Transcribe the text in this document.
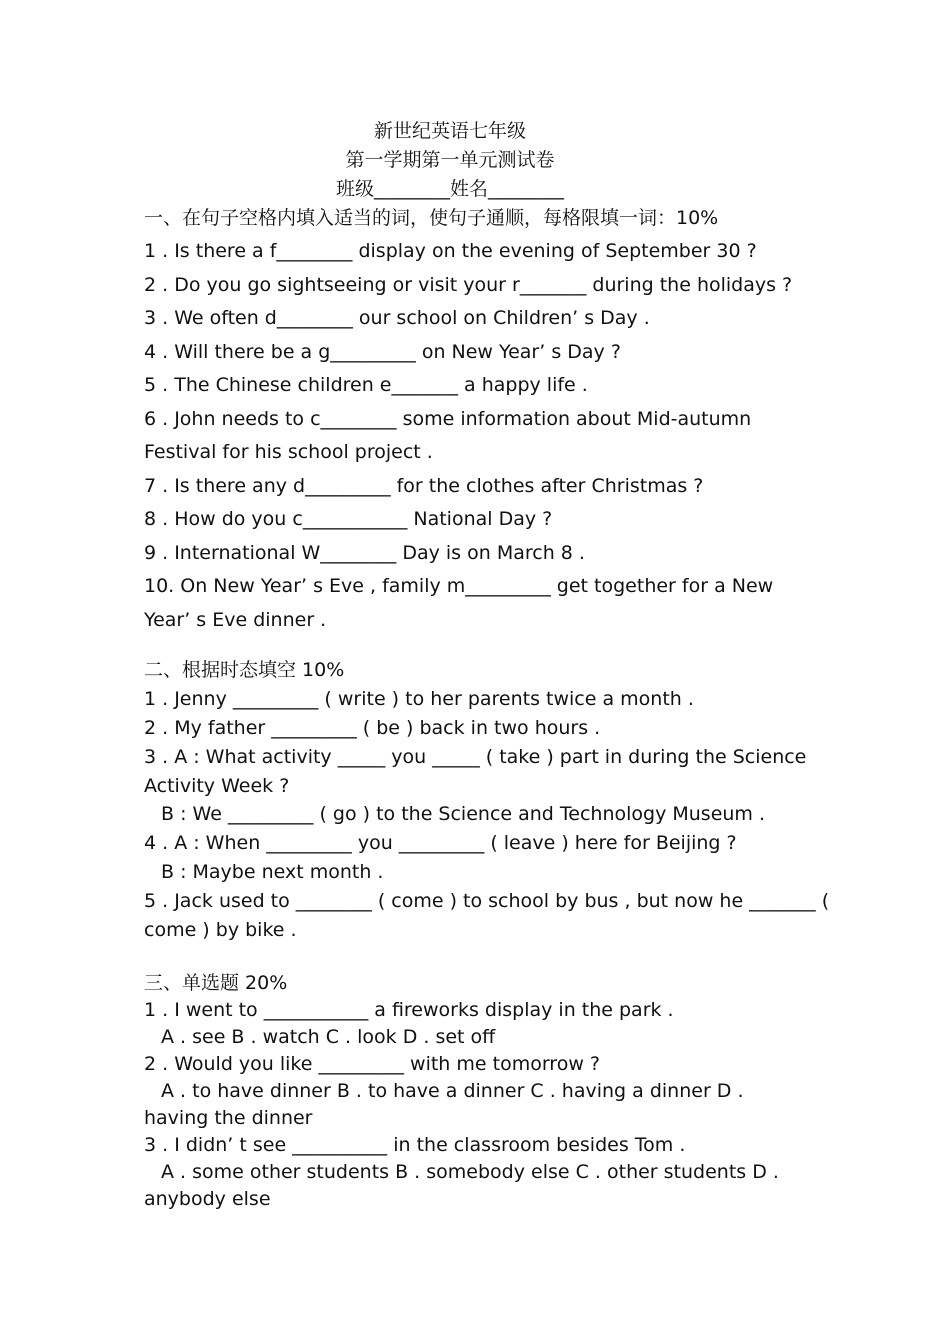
新世纪英语七年级
第一学期第一单元测试卷
班级________姓名________
一、在句子空格内填入适当的词，使句子通顺，每格限填一词：10%
1 . Is there a f________ display on the evening of September 30 ?
2 . Do you go sightseeing or visit your r_______ during the holidays ?
3 . We often d________ our school on Children’ s Day .
4 . Will there be a g_________ on New Year’ s Day ?
5 . The Chinese children e_______ a happy life .
6 . John needs to c________ some information about Mid-autumn
Festival for his school project .
7 . Is there any d_________ for the clothes after Christmas ?
8 . How do you c___________ National Day ?
9 . International W________ Day is on March 8 .
10. On New Year’ s Eve , family m_________ get together for a New
Year’ s Eve dinner .
二、根据时态填空 10%
1 . Jenny _________ ( write ) to her parents twice a month .
2 . My father _________ ( be ) back in two hours .
3 . A : What activity _____ you _____ ( take ) part in during the Science
Activity Week ?
B : We _________ ( go ) to the Science and Technology Museum .
4 . A : When _________ you _________ ( leave ) here for Beijing ?
B : Maybe next month .
5 . Jack used to ________ ( come ) to school by bus , but now he _______ (
come ) by bike .
三、单选题 20%
1 . I went to ___________ a fireworks display in the park .
A . see B . watch C . look D . set off
2 . Would you like _________ with me tomorrow ?
A . to have dinner B . to have a dinner C . having a dinner D .
having the dinner
3 . I didn’ t see __________ in the classroom besides Tom .
A . some other students B . somebody else C . other students D .
anybody else
